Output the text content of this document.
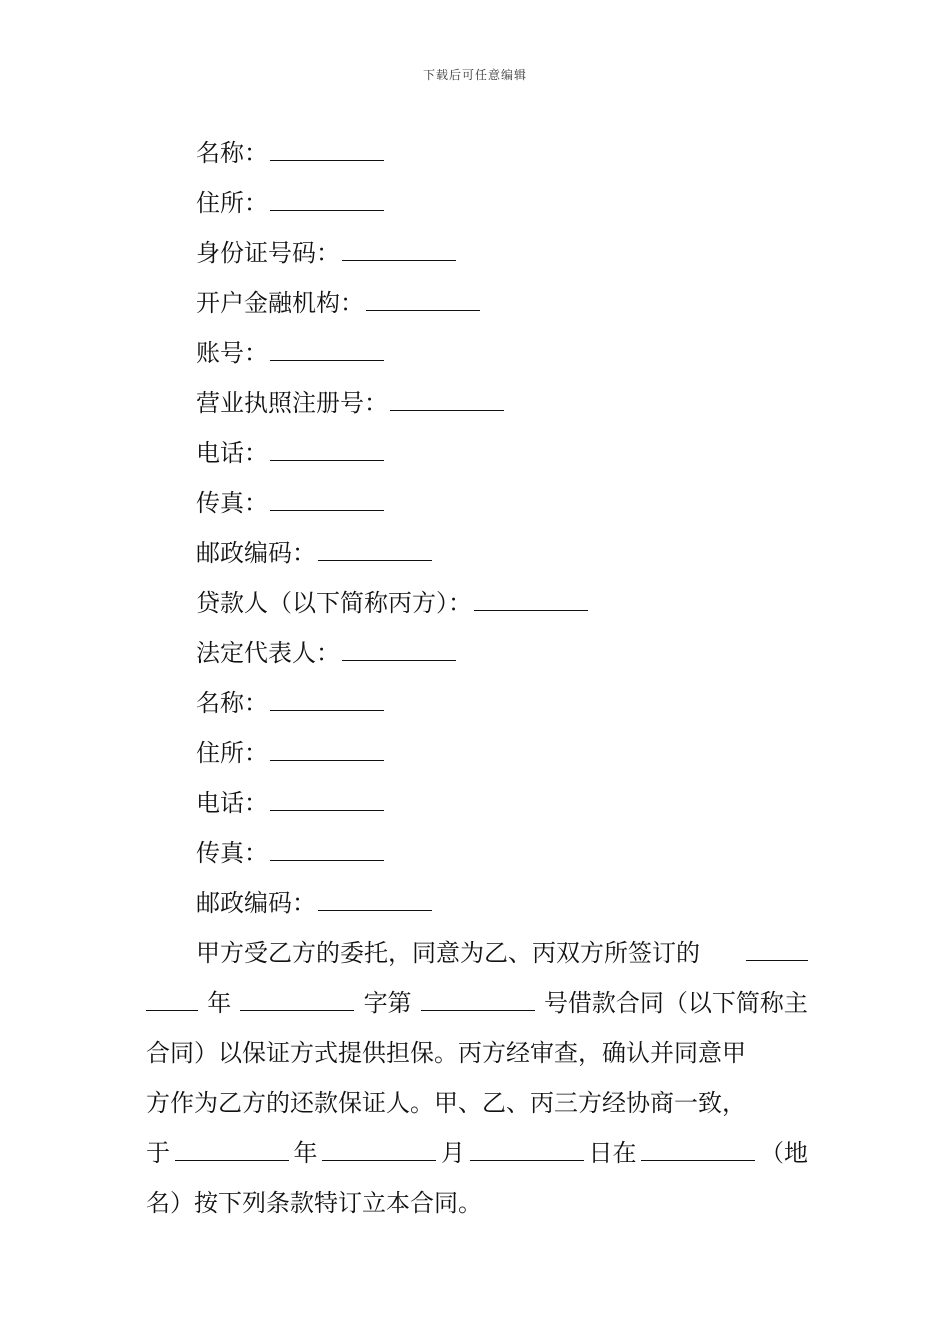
下载后可任意编辑
名称：
住所：
身份证号码：
开户金融机构：
账号：
营业执照注册号：
电话：
传真：
邮政编码：
贷款人（以下简称丙方）：
法定代表人：
名称：
住所：
电话：
传真：
邮政编码：
甲方受乙方的委托，同意为乙、丙双方所签订的
年	字第	号借款合同（以下简称主
合同）以保证方式提供担保。丙方经审查，确认并同意甲
方作为乙方的还款保证人。甲、乙、丙三方经协商一致，
于	年	月	日在	（地
名）按下列条款特订立本合同。
